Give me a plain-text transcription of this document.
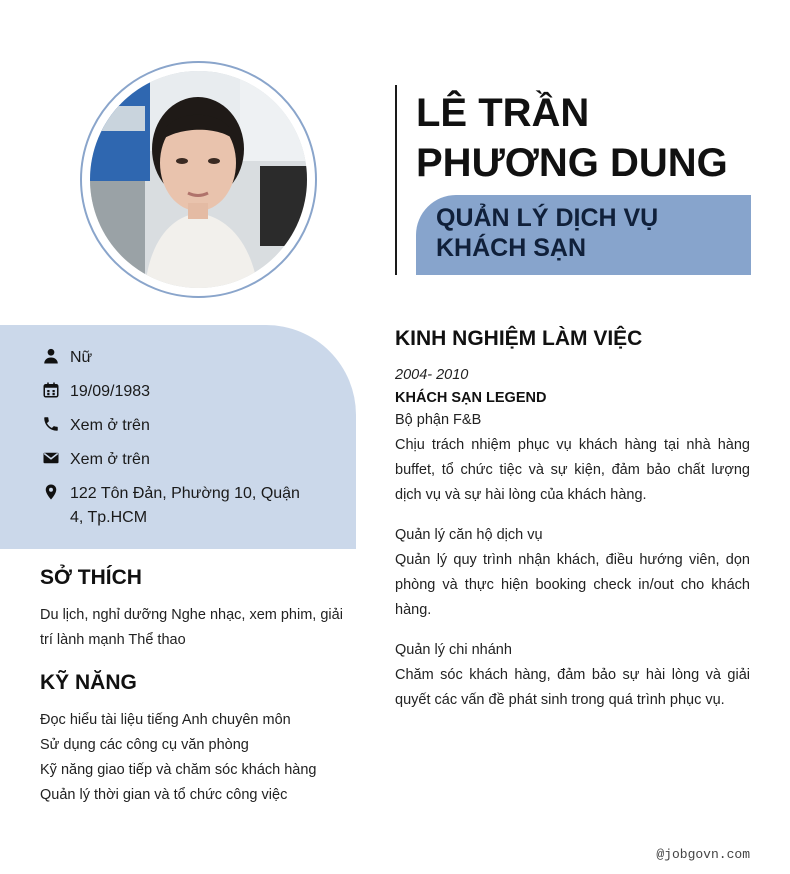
LÊ TRẦN PHƯƠNG DUNG
QUẢN LÝ DỊCH VỤ KHÁCH SẠN
Nữ
19/09/1983
Xem ở trên
Xem ở trên
122 Tôn Đản, Phường 10, Quận 4, Tp.HCM
SỞ THÍCH
Du lịch, nghỉ dưỡng Nghe nhạc, xem phim, giải trí lành mạnh Thể thao
KỸ NĂNG
Đọc hiểu tài liệu tiếng Anh chuyên môn
Sử dụng các công cụ văn phòng
Kỹ năng giao tiếp và chăm sóc khách hàng
Quản lý thời gian và tổ chức công việc
KINH NGHIỆM LÀM VIỆC
2004- 2010
KHÁCH SẠN LEGEND
Bộ phận F&B
Chịu trách nhiệm phục vụ khách hàng tại nhà hàng buffet, tổ chức tiệc và sự kiện, đảm bảo chất lượng dịch vụ và sự hài lòng của khách hàng.
Quản lý căn hộ dịch vụ
Quản lý quy trình nhận khách, điều hướng viên, dọn phòng và thực hiện booking check in/out cho khách hàng.
Quản lý chi nhánh
Chăm sóc khách hàng, đảm bảo sự hài lòng và giải quyết các vấn đề phát sinh trong quá trình phục vụ.
@jobgovn.com
